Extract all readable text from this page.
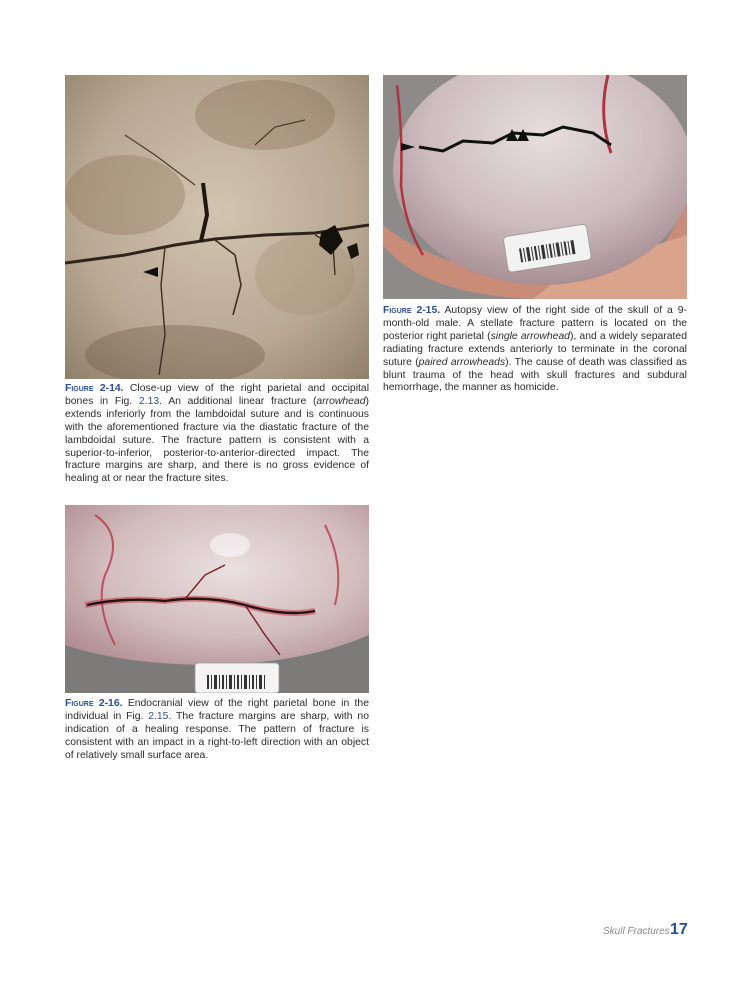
Figure 2-14. Close-up view of the right parietal and occipital bones in Fig. 2.13. An additional linear fracture (arrowhead) extends inferiorly from the lambdoidal suture and is continuous with the aforementioned fracture via the diastatic fracture of the lambdoidal suture. The fracture pattern is consistent with a superior-to-inferior, posterior-to-anterior-directed impact. The fracture margins are sharp, and there is no gross evidence of healing at or near the fracture sites.
Figure 2-15. Autopsy view of the right side of the skull of a 9-month-old male. A stellate fracture pattern is located on the posterior right parietal (single arrowhead), and a widely separated radiating fracture extends anteriorly to terminate in the coronal suture (paired arrowheads). The cause of death was classified as blunt trauma of the head with skull fractures and subdural hemorrhage, the manner as homicide.
Figure 2-16. Endocranial view of the right parietal bone in the individual in Fig. 2.15. The fracture margins are sharp, with no indication of a healing response. The pattern of fracture is consistent with an impact in a right-to-left direction with an object of relatively small surface area.
Skull Fractures 17
